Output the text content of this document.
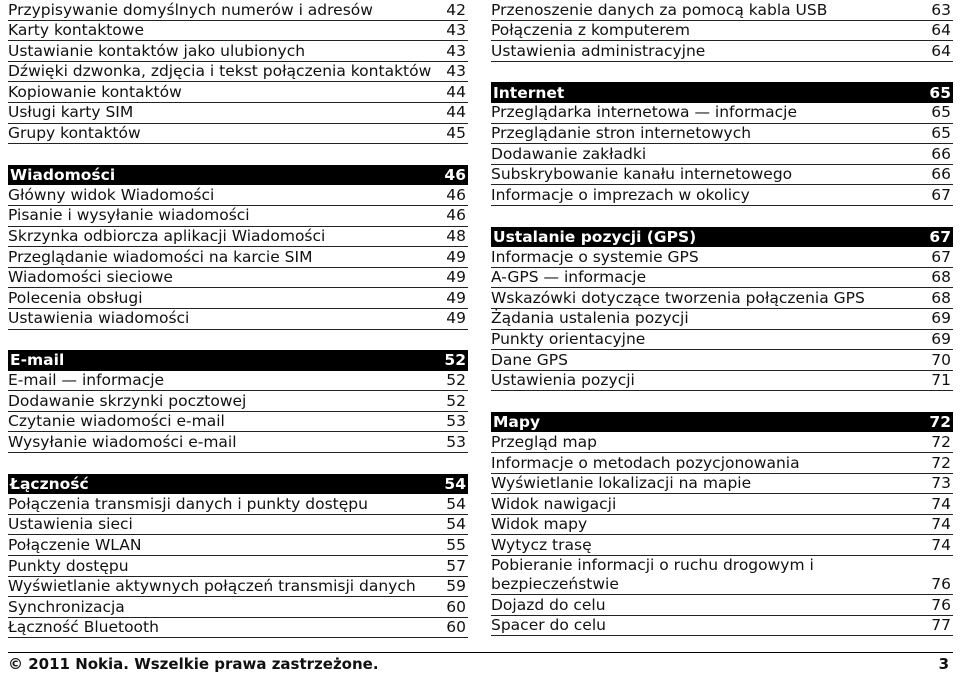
Przypisywanie domyślnych numerów i adresów	42
Karty kontaktowe	43
Ustawianie kontaktów jako ulubionych	43
Dźwięki dzwonka, zdjęcia i tekst połączenia kontaktów 43
Kopiowanie kontaktów	44
Usługi karty SIM	44
Grupy kontaktów	45
Wiadomości	46
Główny widok Wiadomości	46
Pisanie i wysyłanie wiadomości	46
Skrzynka odbiorcza aplikacji Wiadomości	48
Przeglądanie wiadomości na karcie SIM	49
Wiadomości sieciowe	49
Polecenia obsługi	49
Ustawienia wiadomości	49
E-mail	52
E-mail — informacje	52
Dodawanie skrzynki pocztowej	52
Czytanie wiadomości e-mail	53
Wysyłanie wiadomości e-mail	53
Łączność	54
Połączenia transmisji danych i punkty dostępu	54
Ustawienia sieci	54
Połączenie WLAN	55
Punkty dostępu	57
Wyświetlanie aktywnych połączeń transmisji danych 59
Synchronizacja	60
Łączność Bluetooth	60
Przenoszenie danych za pomocą kabla USB	63
Połączenia z komputerem	64
Ustawienia administracyjne	64
Internet	65
Przeglądarka internetowa — informacje	65
Przeglądanie stron internetowych	65
Dodawanie zakładki	66
Subskrybowanie kanału internetowego	66
Informacje o imprezach w okolicy	67
Ustalanie pozycji (GPS)	67
Informacje o systemie GPS	67
A-GPS — informacje	68
Wskazówki dotyczące tworzenia połączenia GPS	68
Żądania ustalenia pozycji	69
Punkty orientacyjne	69
Dane GPS	70
Ustawienia pozycji	71
Mapy	72
Przegląd map	72
Informacje o metodach pozycjonowania	72
Wyświetlanie lokalizacji na mapie	73
Widok nawigacji	74
Widok mapy	74
Wytycz trasę	74
Pobieranie informacji o ruchu drogowym i bezpieczeństwie	76
Dojazd do celu	76
Spacer do celu	77
© 2011 Nokia. Wszelkie prawa zastrzeżone.	3
